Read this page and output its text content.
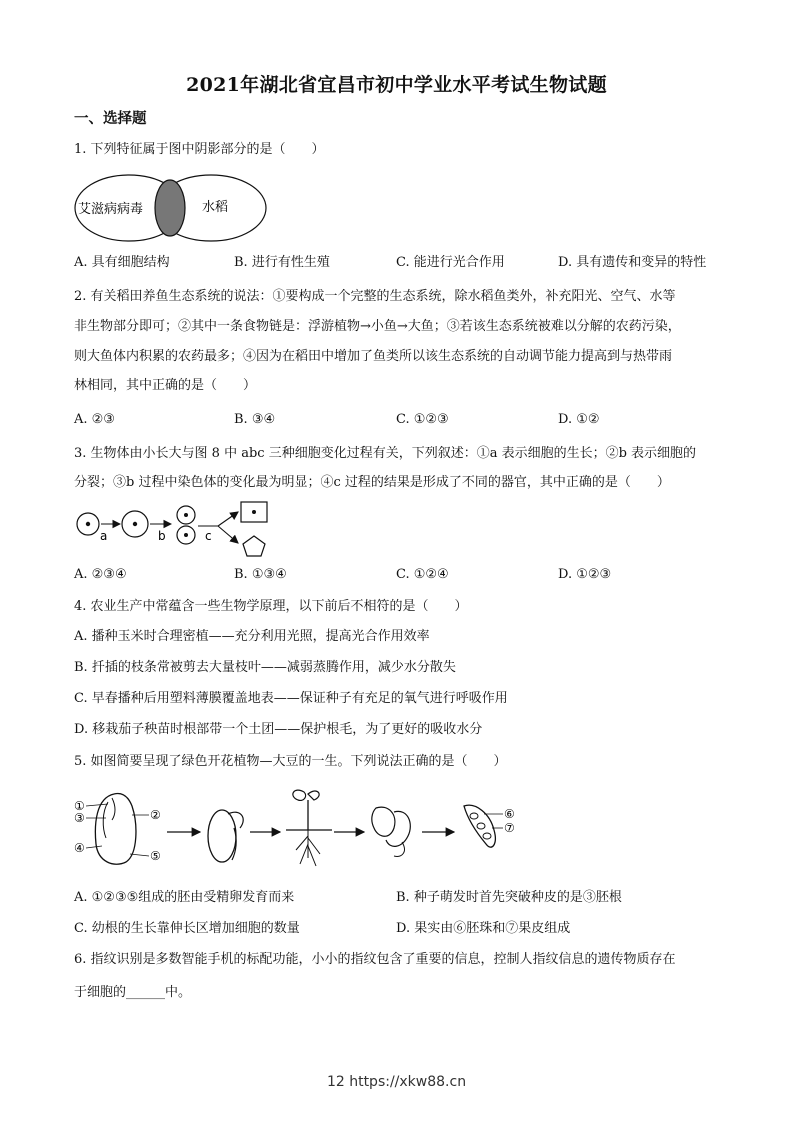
2021年湖北省宜昌市初中学业水平考试生物试题
一、选择题
1. 下列特征属于图中阴影部分的是（　　）
艾滋病病毒	水稻
A. 具有细胞结构	B. 进行有性生殖	C. 能进行光合作用	D. 具有遗传和变异的特性
2. 有关稻田养鱼生态系统的说法：①要构成一个完整的生态系统，除水稻鱼类外，补充阳光、空气、水等
非生物部分即可；②其中一条食物链是：浮游植物→小鱼→大鱼；③若该生态系统被难以分解的农药污染，
则大鱼体内积累的农药最多；④因为在稻田中增加了鱼类所以该生态系统的自动调节能力提高到与热带雨
林相同，其中正确的是（　　）
A. ②③	B. ③④	C. ①②③	D. ①②
3. 生物体由小长大与图 8 中 abc 三种细胞变化过程有关，下列叙述：①a 表示细胞的生长；②b 表示细胞的
分裂；③b 过程中染色体的变化最为明显；④c 过程的结果是形成了不同的器官，其中正确的是（　　）
a	b	c
A. ②③④	B. ①③④	C. ①②④	D. ①②③
4. 农业生产中常蕴含一些生物学原理，以下前后不相符的是（　　）
A. 播种玉米时合理密植——充分利用光照，提高光合作用效率
B. 扦插的枝条常被剪去大量枝叶——减弱蒸腾作用，减少水分散失
C. 早春播种后用塑料薄膜覆盖地表——保证种子有充足的氧气进行呼吸作用
D. 移栽茄子秧苗时根部带一个土团——保护根毛，为了更好的吸收水分
5. 如图简要呈现了绿色开花植物—大豆的一生。下列说法正确的是（　　）
①
③	②
④
⑤
⑥
⑦
A. ①②③⑤组成的胚由受精卵发育而来	B. 种子萌发时首先突破种皮的是③胚根
C. 幼根的生长靠伸长区增加细胞的数量	D. 果实由⑥胚珠和⑦果皮组成
6. 指纹识别是多数智能手机的标配功能，小小的指纹包含了重要的信息，控制人指纹信息的遗传物质存在
于细胞的______中。
12 https://xkw88.cn
